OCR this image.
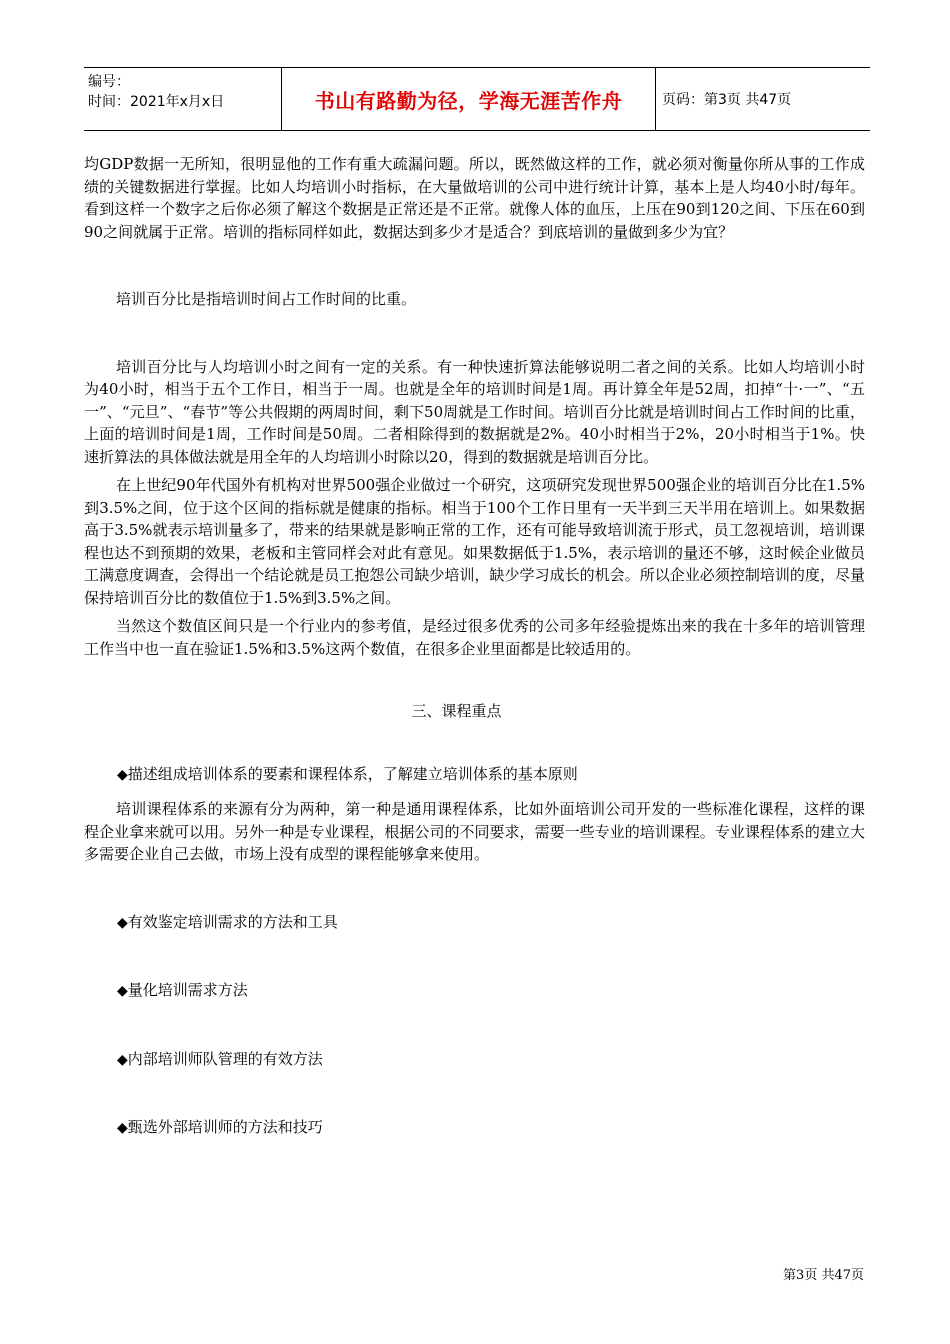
编号：
时间：2021年x月x日	书山有路勤为径，学海无涯苦作舟	页码：第3页 共47页

均GDP数据一无所知，很明显他的工作有重大疏漏问题。所以，既然做这样的工作，就必须对衡量你所从事的工作成绩的关键数据进行掌握。比如人均培训小时指标，在大量做培训的公司中进行统计计算，基本上是人均40小时/每年。看到这样一个数字之后你必须了解这个数据是正常还是不正常。就像人体的血压，上压在90到120之间、下压在60到90之间就属于正常。培训的指标同样如此，数据达到多少才是适合？到底培训的量做到多少为宜？

培训百分比是指培训时间占工作时间的比重。

培训百分比与人均培训小时之间有一定的关系。有一种快速折算法能够说明二者之间的关系。比如人均培训小时为40小时，相当于五个工作日，相当于一周。也就是全年的培训时间是1周。再计算全年是52周，扣掉“十·一”、“五一”、“元旦”、“春节”等公共假期的两周时间，剩下50周就是工作时间。培训百分比就是培训时间占工作时间的比重，上面的培训时间是1周，工作时间是50周。二者相除得到的数据就是2%。40小时相当于2%，20小时相当于1%。快速折算法的具体做法就是用全年的人均培训小时除以20，得到的数据就是培训百分比。

在上世纪90年代国外有机构对世界500强企业做过一个研究，这项研究发现世界500强企业的培训百分比在1.5%到3.5%之间，位于这个区间的指标就是健康的指标。相当于100个工作日里有一天半到三天半用在培训上。如果数据高于3.5%就表示培训量多了，带来的结果就是影响正常的工作，还有可能导致培训流于形式，员工忽视培训，培训课程也达不到预期的效果，老板和主管同样会对此有意见。如果数据低于1.5%，表示培训的量还不够，这时候企业做员工满意度调查，会得出一个结论就是员工抱怨公司缺少培训，缺少学习成长的机会。所以企业必须控制培训的度，尽量保持培训百分比的数值位于1.5%到3.5%之间。

当然这个数值区间只是一个行业内的参考值，是经过很多优秀的公司多年经验提炼出来的我在十多年的培训管理工作当中也一直在验证1.5%和3.5%这两个数值，在很多企业里面都是比较适用的。

三、课程重点

◆描述组成培训体系的要素和课程体系，了解建立培训体系的基本原则

培训课程体系的来源有分为两种，第一种是通用课程体系，比如外面培训公司开发的一些标准化课程，这样的课程企业拿来就可以用。另外一种是专业课程，根据公司的不同要求，需要一些专业的培训课程。专业课程体系的建立大多需要企业自己去做，市场上没有成型的课程能够拿来使用。

◆有效鉴定培训需求的方法和工具

◆量化培训需求方法

◆内部培训师队管理的有效方法

◆甄选外部培训师的方法和技巧

第3页 共47页
